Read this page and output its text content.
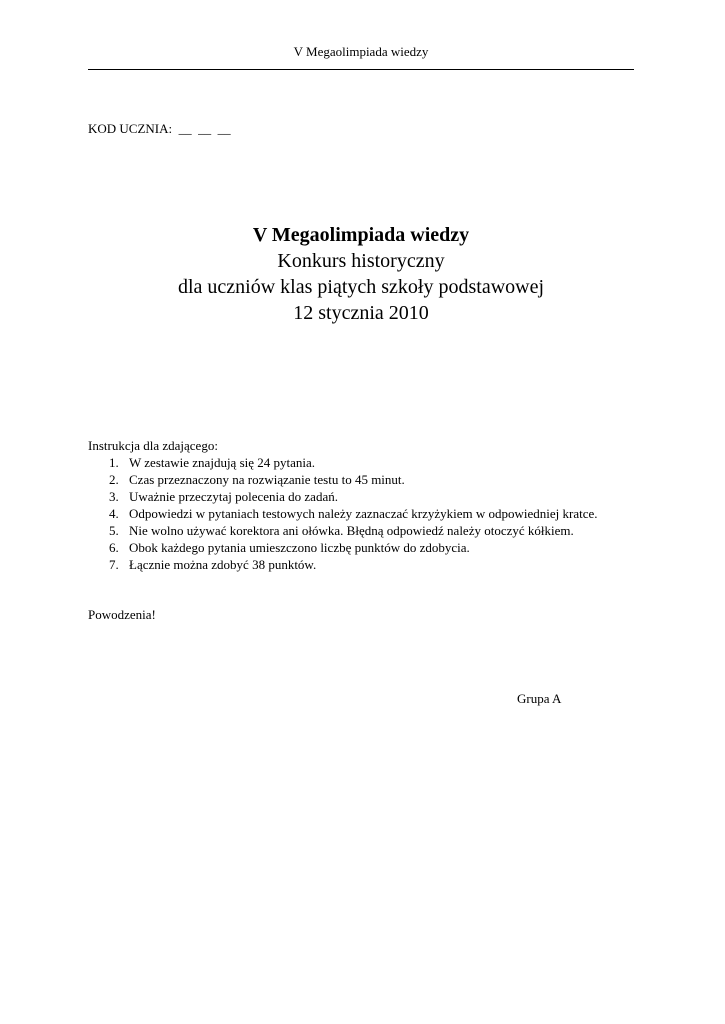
V Megaolimpiada wiedzy
KOD UCZNIA: __  __  __
V Megaolimpiada wiedzy
Konkurs historyczny
dla uczniów klas piątych szkoły podstawowej
12 stycznia 2010
Instrukcja dla zdającego:
1. W zestawie znajdują się 24 pytania.
2. Czas przeznaczony na rozwiązanie testu to 45 minut.
3. Uważnie przeczytaj polecenia do zadań.
4. Odpowiedzi w pytaniach testowych należy zaznaczać krzyżykiem w odpowiedniej kratce.
5. Nie wolno używać korektora ani ołówka. Błędną odpowiedź należy otoczyć kółkiem.
6. Obok każdego pytania umieszczono liczbę punktów do zdobycia.
7. Łącznie można zdobyć 38 punktów.
Powodzenia!
Grupa A
